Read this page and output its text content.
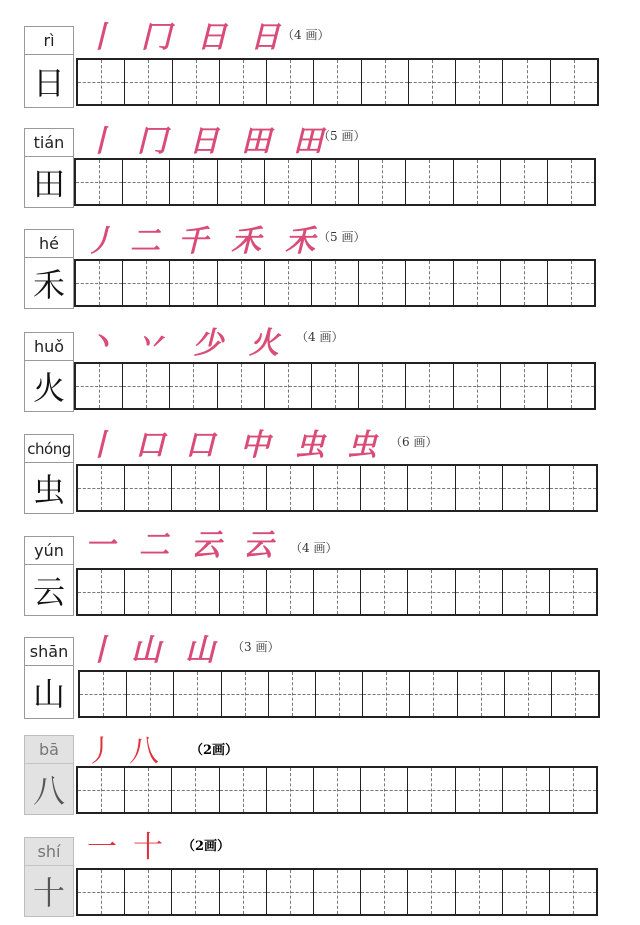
rì
日
丨 冂 日 日 （4 画）
tián
田
丨 冂 日 田 田
（5 画）
hé
禾
丿 二 千 禾 禾 （5 画）
huǒ
火
丶 丷 少 火	（4 画）
chóng
虫
丨 口 口 中 虫 虫	（6 画）
yún
云
一 二 云 云	（4 画）
shān
山
丨 山 山	（3 画）
bā
八
丿 八	（2画）
shí
十
一 十	（2画）
